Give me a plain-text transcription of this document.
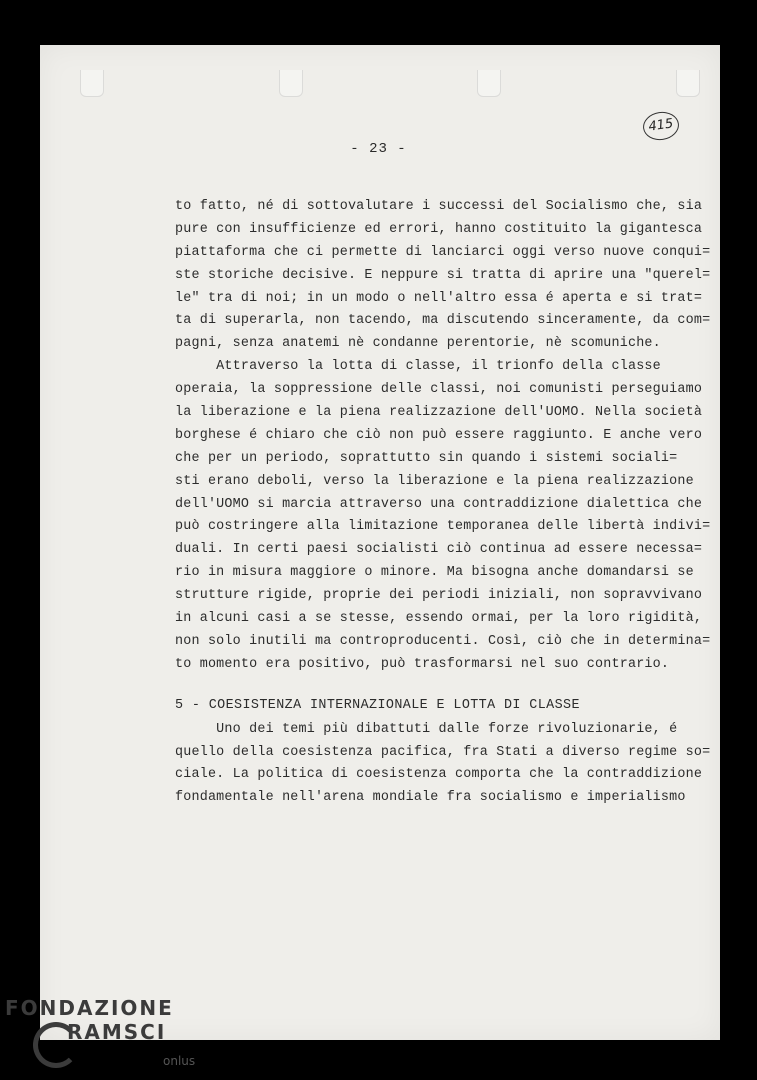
415
- 23 -
to fatto, né di sottovalutare i successi del Socialismo che, sia
pure con insufficienze ed errori, hanno costituito la gigantesca
piattaforma che ci permette di lanciarci oggi verso nuove conqui=
ste storiche decisive. E neppure si tratta di aprire una "querel=
le" tra di noi; in un modo o nell'altro essa é aperta e si trat=
ta di superarla, non tacendo, ma discutendo sinceramente, da com=
pagni, senza anatemi nè condanne perentorie, nè scomuniche.
Attraverso la lotta di classe, il trionfo della classe
operaia, la soppressione delle classi, noi comunisti perseguiamo
la liberazione e la piena realizzazione dell'UOMO. Nella società
borghese é chiaro che ciò non può essere raggiunto. E anche vero
che per un periodo, soprattutto sin quando i sistemi sociali=
sti erano deboli, verso la liberazione e la piena realizzazione
dell'UOMO si marcia attraverso una contraddizione dialettica che
può costringere alla limitazione temporanea delle libertà indivi=
duali. In certi paesi socialisti ciò continua ad essere necessa=
rio in misura maggiore o minore. Ma bisogna anche domandarsi se
strutture rigide, proprie dei periodi iniziali, non sopravvivano
in alcuni casi a se stesse, essendo ormai, per la loro rigidità,
non solo inutili ma controproducenti. Così, ciò che in determina=
to momento era positivo, può trasformarsi nel suo contrario.
5 - COESISTENZA INTERNAZIONALE E LOTTA DI CLASSE
Uno dei temi più dibattuti dalle forze rivoluzionarie, é
quello della coesistenza pacifica, fra Stati a diverso regime so=
ciale. La politica di coesistenza comporta che la contraddizione
fondamentale nell'arena mondiale fra socialismo e imperialismo
FONDAZIONE
RAMSCI
onlus
